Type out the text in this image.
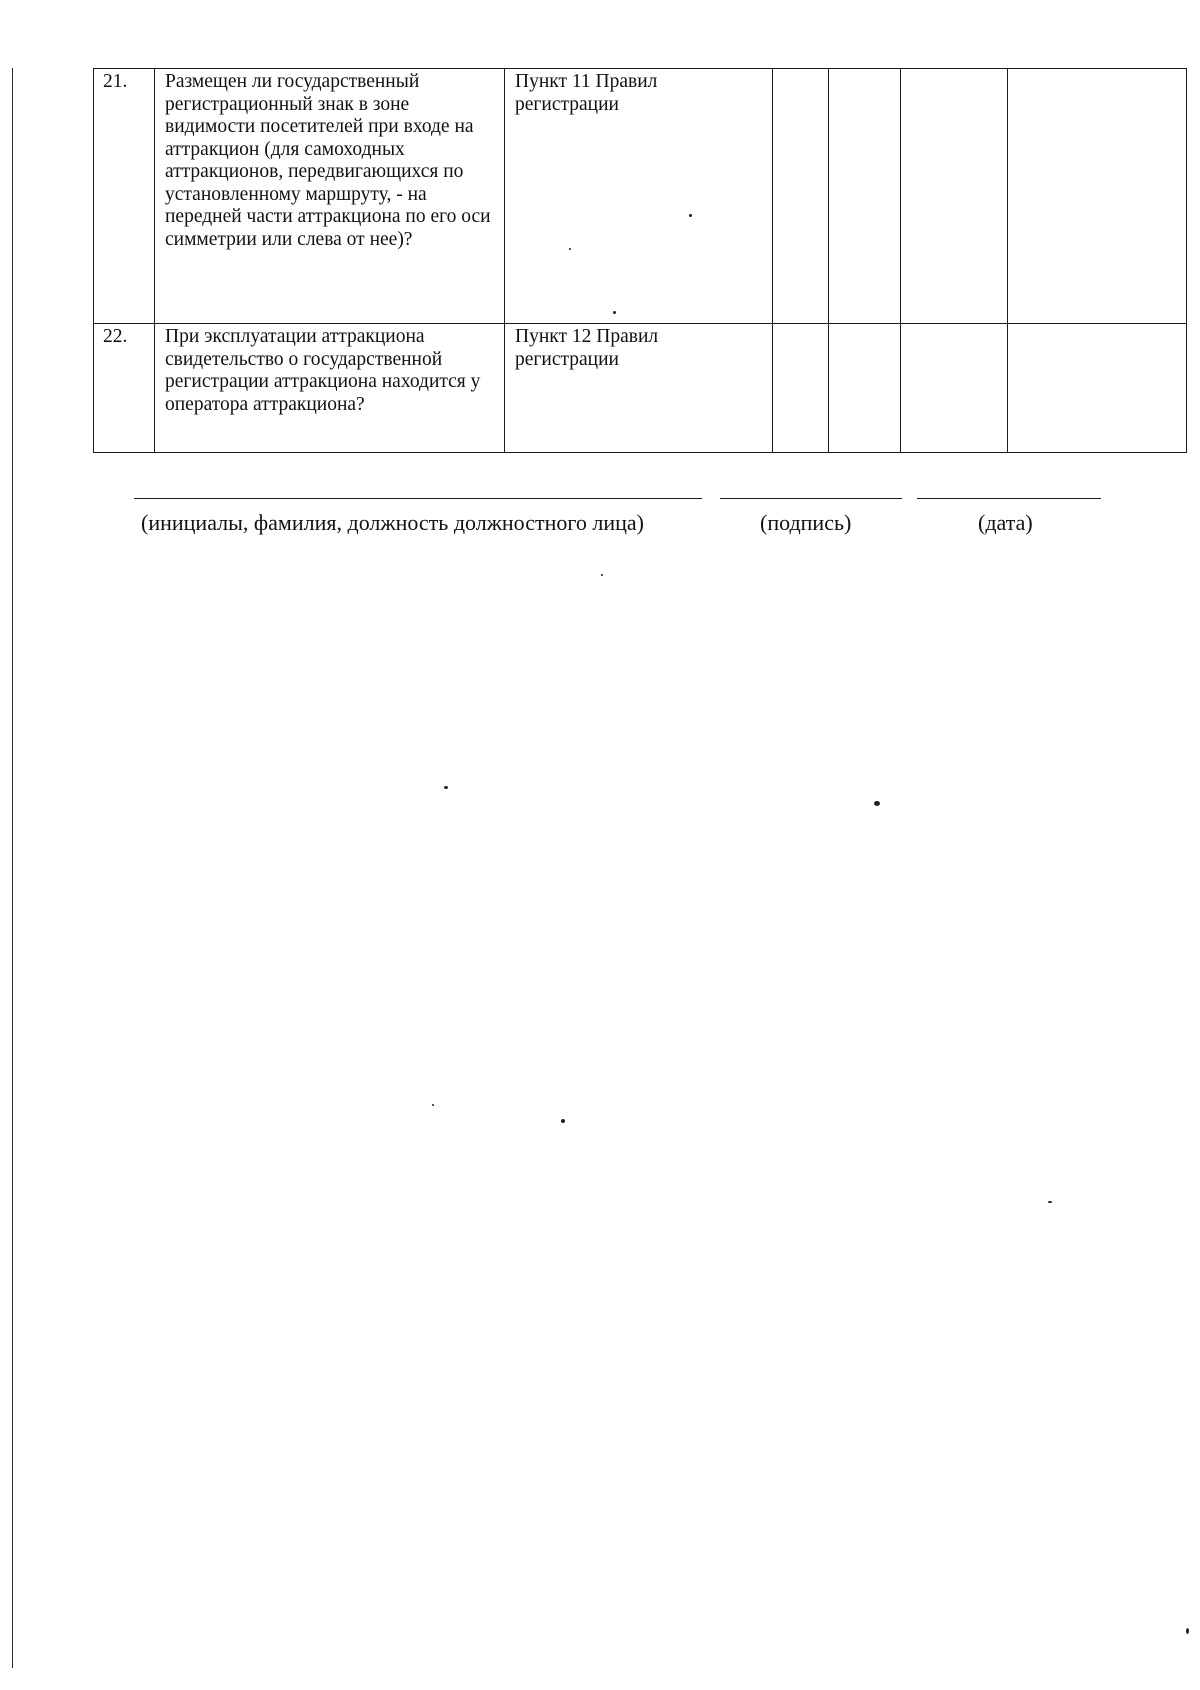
21.	Размещен ли государственный регистрационный знак в зоне видимости посетителей при входе на аттракцион (для самоходных аттракционов, передвигающихся по установленному маршруту, - на передней части аттракциона по его оси симметрии или слева от нее)?	Пункт 11 Правил регистрации				
22.	При эксплуатации аттракциона свидетельство о государственной регистрации аттракциона находится у оператора аттракциона?	Пункт 12 Правил регистрации				
(инициалы, фамилия, должность должностного лица)	(подпись)	(дата)
